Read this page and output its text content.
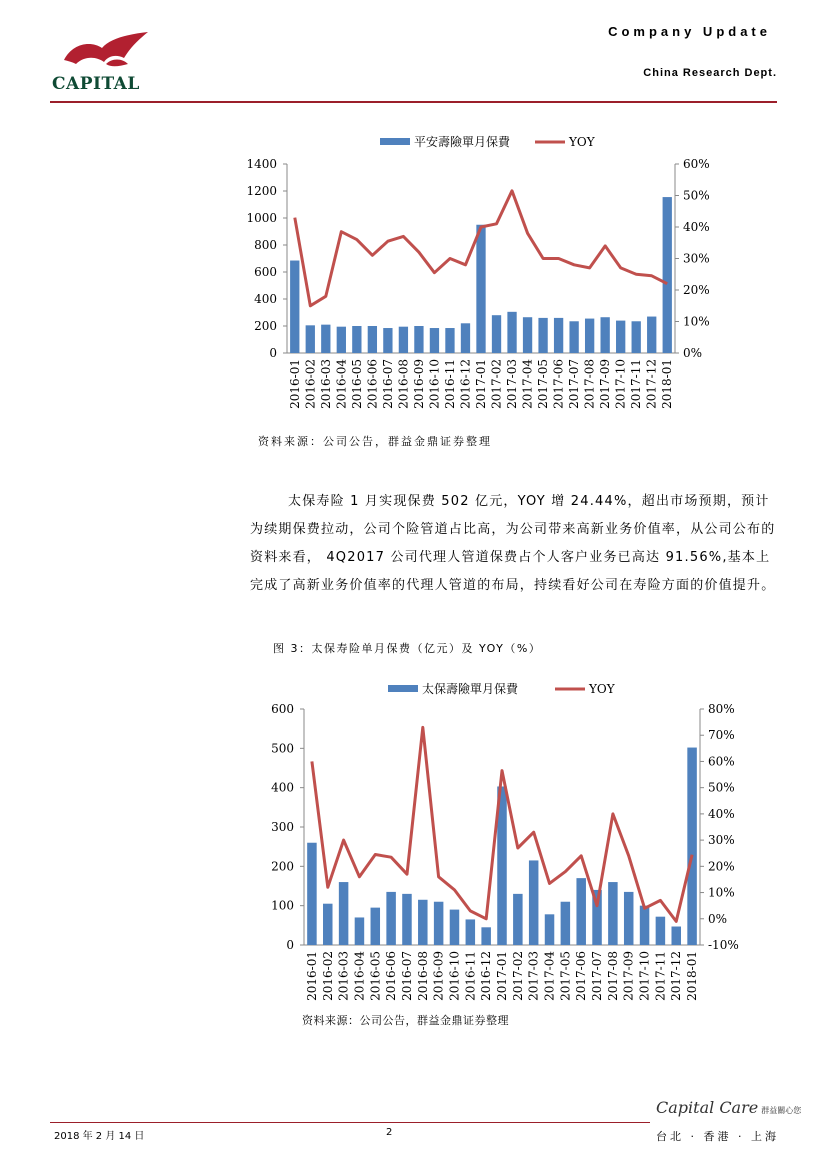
CAPITAL
Company Update
China Research Dept.
平安壽險單月保費	YOY
0
200
400
600
800
1000
1200
1400
0%
10%
20%
30%
40%
50%
60%
2016-01 2016-02 2016-03 2016-04 2016-05 2016-06 2016-07 2016-08 2016-09 2016-10 2016-11 2016-12 2017-01 2017-02 2017-03 2017-04 2017-05 2017-06 2017-07 2017-08 2017-09 2017-10 2017-11 2017-12 2018-01
资料来源：公司公告，群益金鼎证券整理
太保寿险 1 月实现保费 502 亿元，YOY 增 24.44%，超出市场预期，预计为续期保费拉动，公司个险管道占比高，为公司带来高新业务价值率，从公司公布的资料来看， 4Q2017 公司代理人管道保费占个人客户业务已高达 91.56%,基本上完成了高新业务价值率的代理人管道的布局，持续看好公司在寿险方面的价值提升。
图 3：太保寿险单月保费（亿元）及 YOY（%）
太保壽險單月保費	YOY
0
100
200
300
400
500
600
-10%
0%
10%
20%
30%
40%
50%
60%
70%
80%
2016-01 2016-02 2016-03 2016-04 2016-05 2016-06 2016-07 2016-08 2016-09 2016-10 2016-11 2016-12 2017-01 2017-02 2017-03 2017-04 2017-05 2017-06 2017-07 2017-08 2017-09 2017-10 2017-11 2017-12 2018-01
资料来源：公司公告，群益金鼎证券整理
Capital Care 群益關心您
2018 年 2 月 14 日	2	台北 · 香港 · 上海
